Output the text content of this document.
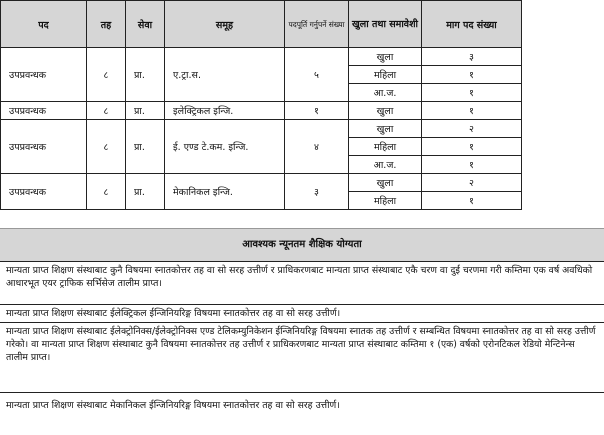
पद	तह	सेवा	समूह	पदपूर्ति गर्नुपर्ने संख्या	खुला तथा समावेशी	माग पद संख्या
उपप्रवन्धक	८	प्रा.	ए.ट्रा.स.	५	खुला	३
					महिला	१
					आ.ज.	१
उपप्रवन्धक	८	प्रा.	इलेक्ट्रिकल इन्जि.	१	खुला	१
उपप्रवन्धक	८	प्रा.	ई. एण्ड टे.कम. इन्जि.	४	खुला	२
					महिला	१
					आ.ज.	१
उपप्रवन्धक	८	प्रा.	मेकानिकल इन्जि.	३	खुला	२
					महिला	१
आवश्यक न्यूनतम शैक्षिक योग्यता
मान्यता प्राप्त शिक्षण संस्थाबाट कुनै विषयमा स्नातकोत्तर तह वा सो सरह उत्तीर्ण र प्राधिकरणबाट मान्यता प्राप्त संस्थाबाट एकै चरण वा दुई चरणमा गरी कम्तिमा एक वर्ष अवधिको आधारभूत एयर ट्राफिक सर्भिसेज तालीम प्राप्त।
मान्यता प्राप्त शिक्षण संस्थाबाट ईलेक्ट्रिकल ईन्जिनियरिङ्ग विषयमा स्नातकोत्तर तह वा सो सरह उत्तीर्ण।
मान्यता प्राप्त शिक्षण संस्थाबाट ईलेक्ट्रोनिक्स/ईलेक्ट्रोनिक्स एण्ड टेलिकम्युनिकेशन ईन्जिनियरिङ्ग विषयमा स्नातक तह उत्तीर्ण र सम्बन्धित विषयमा स्नातकोत्तर तह वा सो सरह उत्तीर्ण गरेको। वा मान्यता प्राप्त शिक्षण संस्थाबाट कुनै विषयमा स्नातकोत्तर तह उत्तीर्ण र प्राधिकरणबाट मान्यता प्राप्त संस्थाबाट कम्तिमा १ (एक) वर्षको एरोनटिकल रेडियो मेन्टिनेन्स तालीम प्राप्त।
मान्यता प्राप्त शिक्षण संस्थाबाट मेकानिकल ईन्जिनियरिङ्ग विषयमा स्नातकोत्तर तह वा सो सरह उत्तीर्ण।
